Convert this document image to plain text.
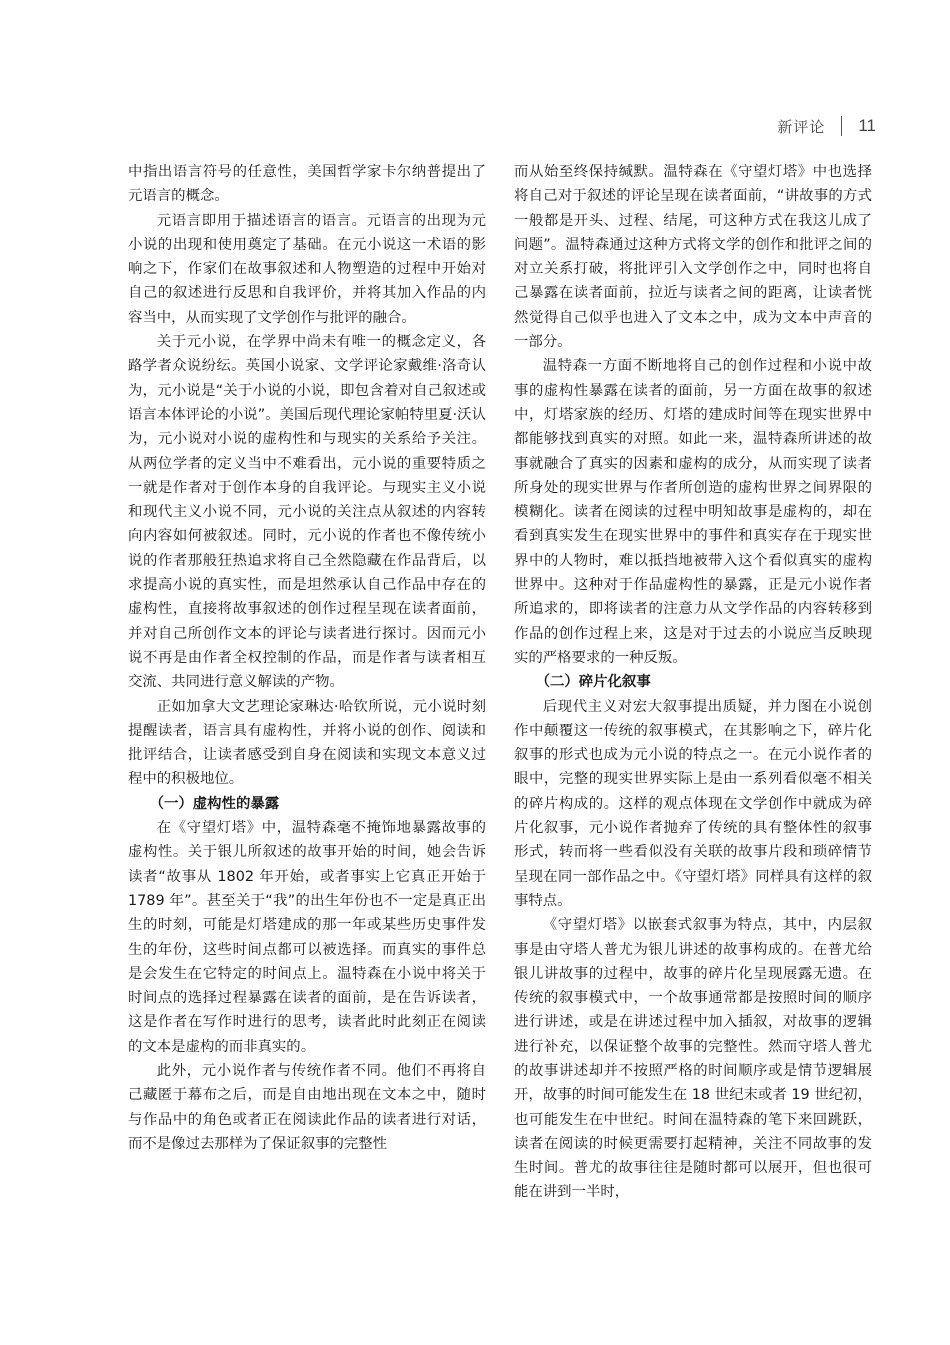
新评论 11

中指出语言符号的任意性，美国哲学家卡尔纳普提出了元语言的概念。

元语言即用于描述语言的语言。元语言的出现为元小说的出现和使用奠定了基础。在元小说这一术语的影响之下，作家们在故事叙述和人物塑造的过程中开始对自己的叙述进行反思和自我评价，并将其加入作品的内容当中，从而实现了文学创作与批评的融合。

关于元小说，在学界中尚未有唯一的概念定义，各路学者众说纷纭。英国小说家、文学评论家戴维·洛奇认为，元小说是“关于小说的小说，即包含着对自己叙述或语言本体评论的小说”。美国后现代理论家帕特里夏·沃认为，元小说对小说的虚构性和与现实的关系给予关注。从两位学者的定义当中不难看出，元小说的重要特质之一就是作者对于创作本身的自我评论。与现实主义小说和现代主义小说不同，元小说的关注点从叙述的内容转向内容如何被叙述。同时，元小说的作者也不像传统小说的作者那般狂热追求将自己全然隐藏在作品背后，以求提高小说的真实性，而是坦然承认自己作品中存在的虚构性，直接将故事叙述的创作过程呈现在读者面前，并对自己所创作文本的评论与读者进行探讨。因而元小说不再是由作者全权控制的作品，而是作者与读者相互交流、共同进行意义解读的产物。

正如加拿大文艺理论家琳达·哈钦所说，元小说时刻提醒读者，语言具有虚构性，并将小说的创作、阅读和批评结合，让读者感受到自身在阅读和实现文本意义过程中的积极地位。

（一）虚构性的暴露

在《守望灯塔》中，温特森毫不掩饰地暴露故事的虚构性。关于银儿所叙述的故事开始的时间，她会告诉读者“故事从 1802 年开始，或者事实上它真正开始于 1789 年”。甚至关于“我”的出生年份也不一定是真正出生的时刻，可能是灯塔建成的那一年或某些历史事件发生的年份，这些时间点都可以被选择。而真实的事件总是会发生在它特定的时间点上。温特森在小说中将关于时间点的选择过程暴露在读者的面前，是在告诉读者，这是作者在写作时进行的思考，读者此时此刻正在阅读的文本是虚构的而非真实的。

此外，元小说作者与传统作者不同。他们不再将自己藏匿于幕布之后，而是自由地出现在文本之中，随时与作品中的角色或者正在阅读此作品的读者进行对话，而不是像过去那样为了保证叙事的完整性

而从始至终保持缄默。温特森在《守望灯塔》中也选择将自己对于叙述的评论呈现在读者面前，“讲故事的方式一般都是开头、过程、结尾，可这种方式在我这儿成了问题”。温特森通过这种方式将文学的创作和批评之间的对立关系打破，将批评引入文学创作之中，同时也将自己暴露在读者面前，拉近与读者之间的距离，让读者恍然觉得自己似乎也进入了文本之中，成为文本中声音的一部分。

温特森一方面不断地将自己的创作过程和小说中故事的虚构性暴露在读者的面前，另一方面在故事的叙述中，灯塔家族的经历、灯塔的建成时间等在现实世界中都能够找到真实的对照。如此一来，温特森所讲述的故事就融合了真实的因素和虚构的成分，从而实现了读者所身处的现实世界与作者所创造的虚构世界之间界限的模糊化。读者在阅读的过程中明知故事是虚构的，却在看到真实发生在现实世界中的事件和真实存在于现实世界中的人物时，难以抵挡地被带入这个看似真实的虚构世界中。这种对于作品虚构性的暴露，正是元小说作者所追求的，即将读者的注意力从文学作品的内容转移到作品的创作过程上来，这是对于过去的小说应当反映现实的严格要求的一种反叛。

（二）碎片化叙事

后现代主义对宏大叙事提出质疑，并力图在小说创作中颠覆这一传统的叙事模式，在其影响之下，碎片化叙事的形式也成为元小说的特点之一。在元小说作者的眼中，完整的现实世界实际上是由一系列看似毫不相关的碎片构成的。这样的观点体现在文学创作中就成为碎片化叙事，元小说作者抛弃了传统的具有整体性的叙事形式，转而将一些看似没有关联的故事片段和琐碎情节呈现在同一部作品之中。《守望灯塔》同样具有这样的叙事特点。

《守望灯塔》以嵌套式叙事为特点，其中，内层叙事是由守塔人普尤为银儿讲述的故事构成的。在普尤给银儿讲故事的过程中，故事的碎片化呈现展露无遗。在传统的叙事模式中，一个故事通常都是按照时间的顺序进行讲述，或是在讲述过程中加入插叙，对故事的逻辑进行补充，以保证整个故事的完整性。然而守塔人普尤的故事讲述却并不按照严格的时间顺序或是情节逻辑展开，故事的时间可能发生在 18 世纪末或者 19 世纪初，也可能发生在中世纪。时间在温特森的笔下来回跳跃，读者在阅读的时候更需要打起精神，关注不同故事的发生时间。普尤的故事往往是随时都可以展开，但也很可能在讲到一半时，
